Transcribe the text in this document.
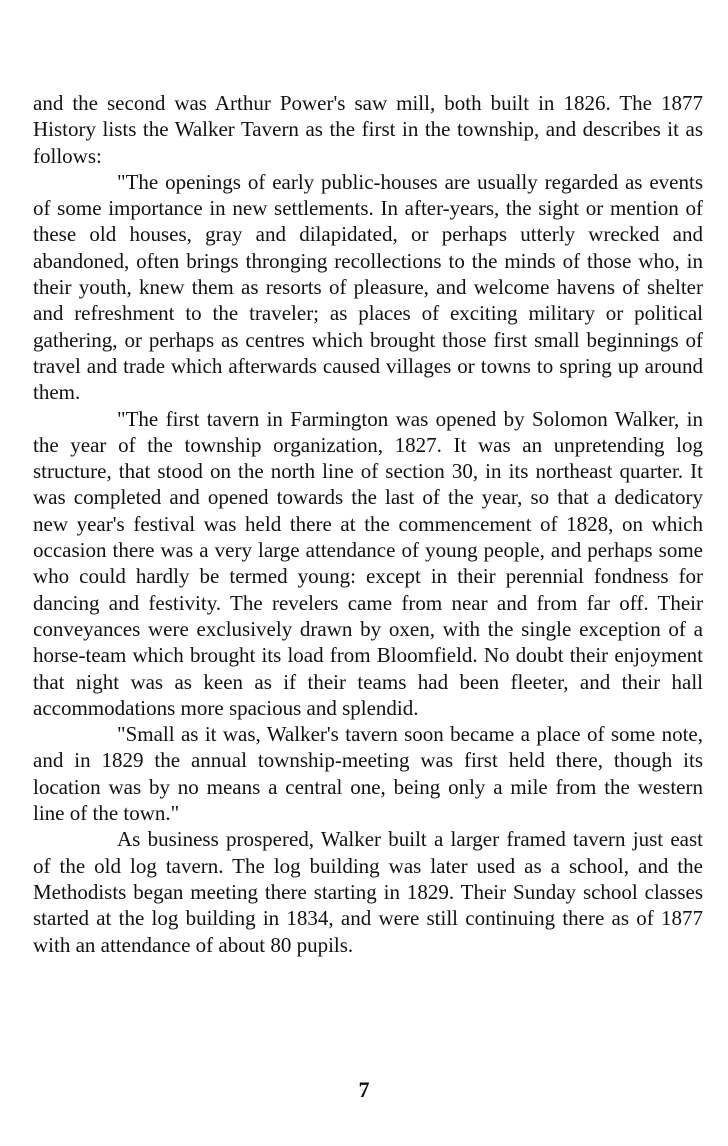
and the second was Arthur Power's saw mill, both built in 1826. The 1877 History lists the Walker Tavern as the first in the township, and describes it as follows:

"The openings of early public-houses are usually regarded as events of some importance in new settlements. In after-years, the sight or mention of these old houses, gray and dilapidated, or perhaps utterly wrecked and abandoned, often brings thronging recollections to the minds of those who, in their youth, knew them as resorts of pleasure, and welcome havens of shelter and refreshment to the traveler; as places of exciting military or political gathering, or perhaps as centres which brought those first small beginnings of travel and trade which afterwards caused villages or towns to spring up around them.

"The first tavern in Farmington was opened by Solomon Walker, in the year of the township organization, 1827. It was an unpretending log structure, that stood on the north line of section 30, in its northeast quarter. It was completed and opened towards the last of the year, so that a dedicatory new year's festival was held there at the commencement of 1828, on which occasion there was a very large attendance of young people, and perhaps some who could hardly be termed young: except in their perennial fondness for dancing and festivity. The revelers came from near and from far off. Their conveyances were exclusively drawn by oxen, with the single exception of a horse-team which brought its load from Bloomfield. No doubt their enjoyment that night was as keen as if their teams had been fleeter, and their hall accommodations more spacious and splendid.

"Small as it was, Walker's tavern soon became a place of some note, and in 1829 the annual township-meeting was first held there, though its location was by no means a central one, being only a mile from the western line of the town."

As business prospered, Walker built a larger framed tavern just east of the old log tavern. The log building was later used as a school, and the Methodists began meeting there starting in 1829. Their Sunday school classes started at the log building in 1834, and were still continuing there as of 1877 with an attendance of about 80 pupils.

7
